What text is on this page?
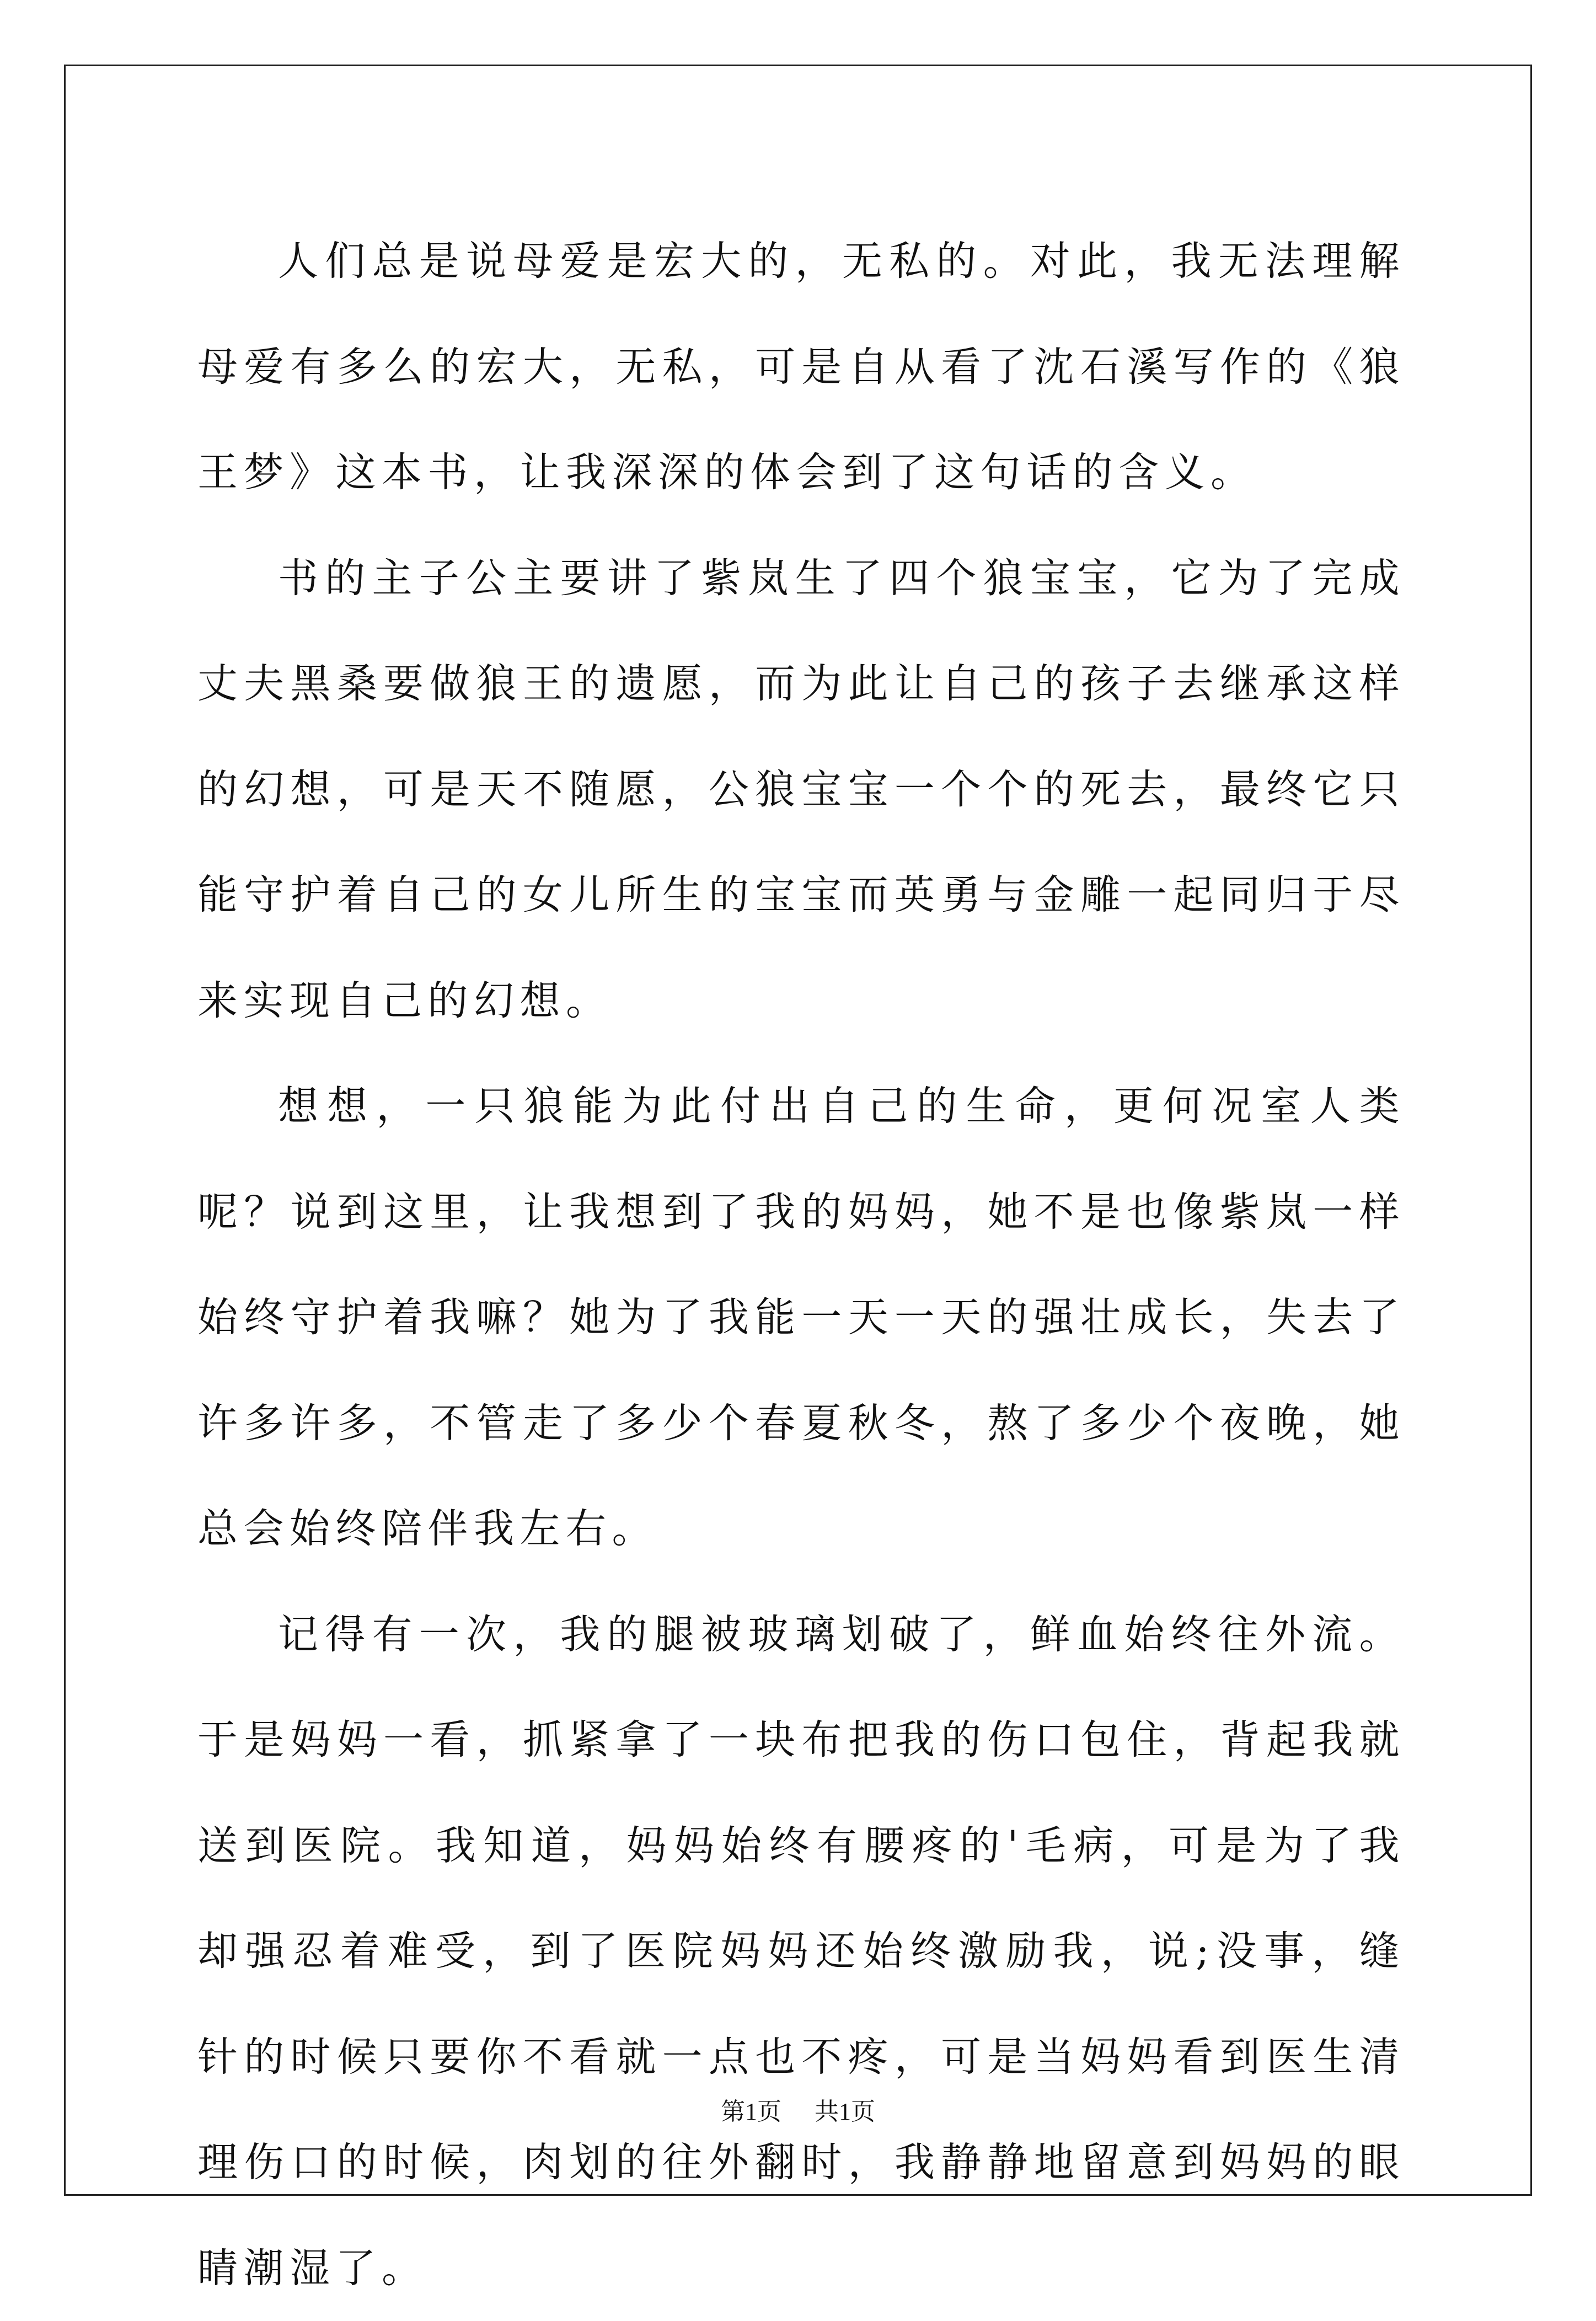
人们总是说母爱是宏大的，无私的。对此，我无法理解母爱有多么的宏大，无私，可是自从看了沈石溪写作的《狼王梦》这本书，让我深深的体会到了这句话的含义。

书的主子公主要讲了紫岚生了四个狼宝宝，它为了完成丈夫黑桑要做狼王的遗愿，而为此让自己的孩子去继承这样的幻想，可是天不随愿，公狼宝宝一个个的死去，最终它只能守护着自己的女儿所生的宝宝而英勇与金雕一起同归于尽来实现自己的幻想。

想想，一只狼能为此付出自己的生命，更何况室人类呢？说到这里，让我想到了我的妈妈，她不是也像紫岚一样始终守护着我嘛？她为了我能一天一天的强壮成长，失去了许多许多，不管走了多少个春夏秋冬，熬了多少个夜晚，她总会始终陪伴我左右。

记得有一次，我的腿被玻璃划破了，鲜血始终往外流。于是妈妈一看，抓紧拿了一块布把我的伤口包住，背起我就送到医院。我知道，妈妈始终有腰疼的'毛病，可是为了我却强忍着难受，到了医院妈妈还始终激励我，说;没事，缝针的时候只要你不看就一点也不疼，可是当妈妈看到医生清理伤口的时候，肉划的往外翻时，我静静地留意到妈妈的眼睛潮湿了。

第1页 共1页
